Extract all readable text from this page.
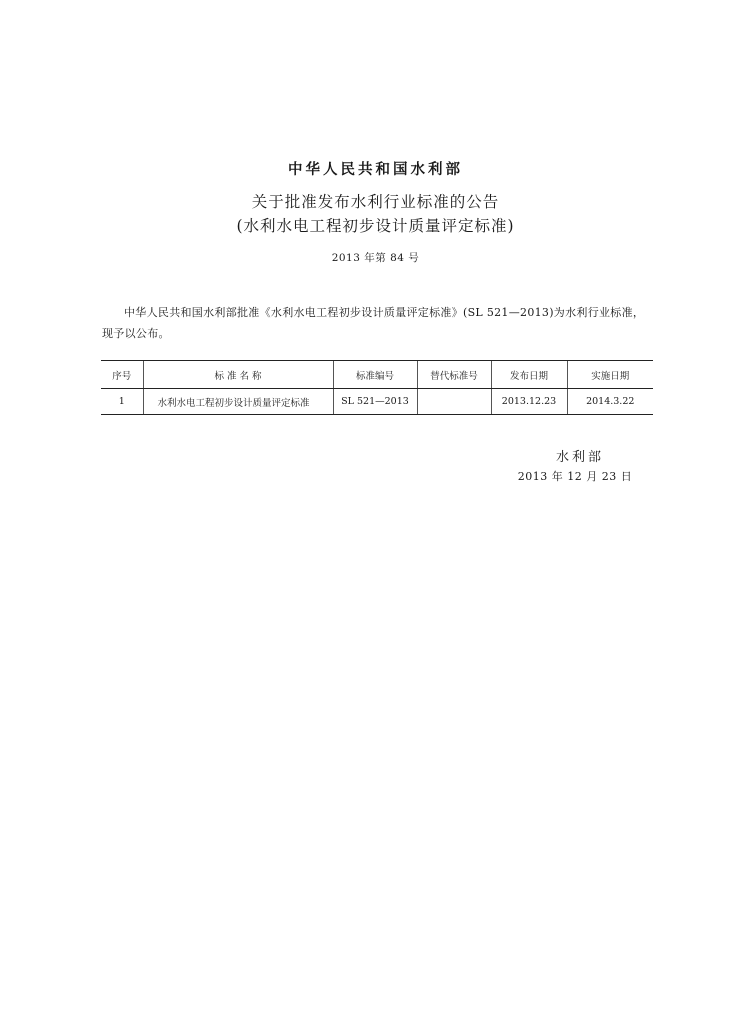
中华人民共和国水利部
关于批准发布水利行业标准的公告
(水利水电工程初步设计质量评定标准)
2013 年第 84 号
中华人民共和国水利部批准《水利水电工程初步设计质量评定标准》(SL 521—2013)为水利行业标准，现予以公布。
序号	标 准 名 称	标准编号	替代标准号	发布日期	实施日期
1	水利水电工程初步设计质量评定标准	SL 521—2013		2013.12.23	2014.3.22
水利部
2013 年 12 月 23 日
